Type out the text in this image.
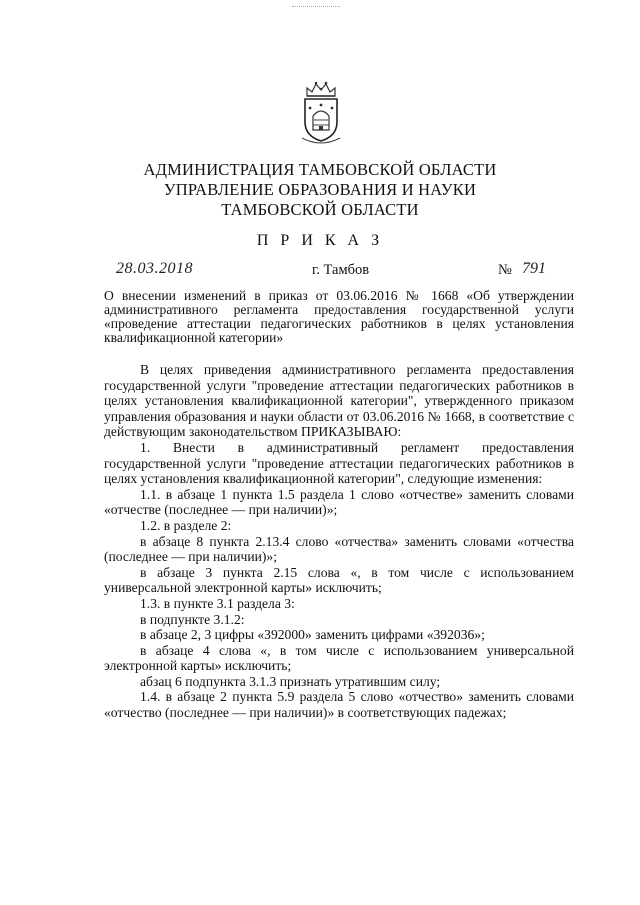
АДМИНИСТРАЦИЯ ТАМБОВСКОЙ ОБЛАСТИ
УПРАВЛЕНИЕ ОБРАЗОВАНИЯ И НАУКИ
ТАМБОВСКОЙ ОБЛАСТИ
П Р И К А З
28.03.2018	г. Тамбов	№ 791
О внесении изменений в приказ от 03.06.2016 № 1668 «Об утверждении административного регламента предоставления государственной услуги «проведение аттестации педагогических работников в целях установления квалификационной категории»

В целях приведения административного регламента предоставления государственной услуги "проведение аттестации педагогических работников в целях установления квалификационной категории", утвержденного приказом управления образования и науки области от 03.06.2016 № 1668, в соответствие с действующим законодательством ПРИКАЗЫВАЮ:

1. Внести в административный регламент предоставления государственной услуги "проведение аттестации педагогических работников в целях установления квалификационной категории", следующие изменения:

1.1. в абзаце 1 пункта 1.5 раздела 1 слово «отчестве» заменить словами «отчестве (последнее — при наличии)»;

1.2. в разделе 2:

в абзаце 8 пункта 2.13.4 слово «отчества» заменить словами «отчества (последнее — при наличии)»;

в абзаце 3 пункта 2.15 слова «, в том числе с использованием универсальной электронной карты» исключить;

1.3. в пункте 3.1 раздела 3:

в подпункте 3.1.2:

в абзаце 2, 3 цифры «392000» заменить цифрами «392036»;

в абзаце 4 слова «, в том числе с использованием универсальной электронной карты» исключить;

абзац 6 подпункта 3.1.3 признать утратившим силу;

1.4. в абзаце 2 пункта 5.9 раздела 5 слово «отчество» заменить словами «отчество (последнее — при наличии)» в соответствующих падежах;
